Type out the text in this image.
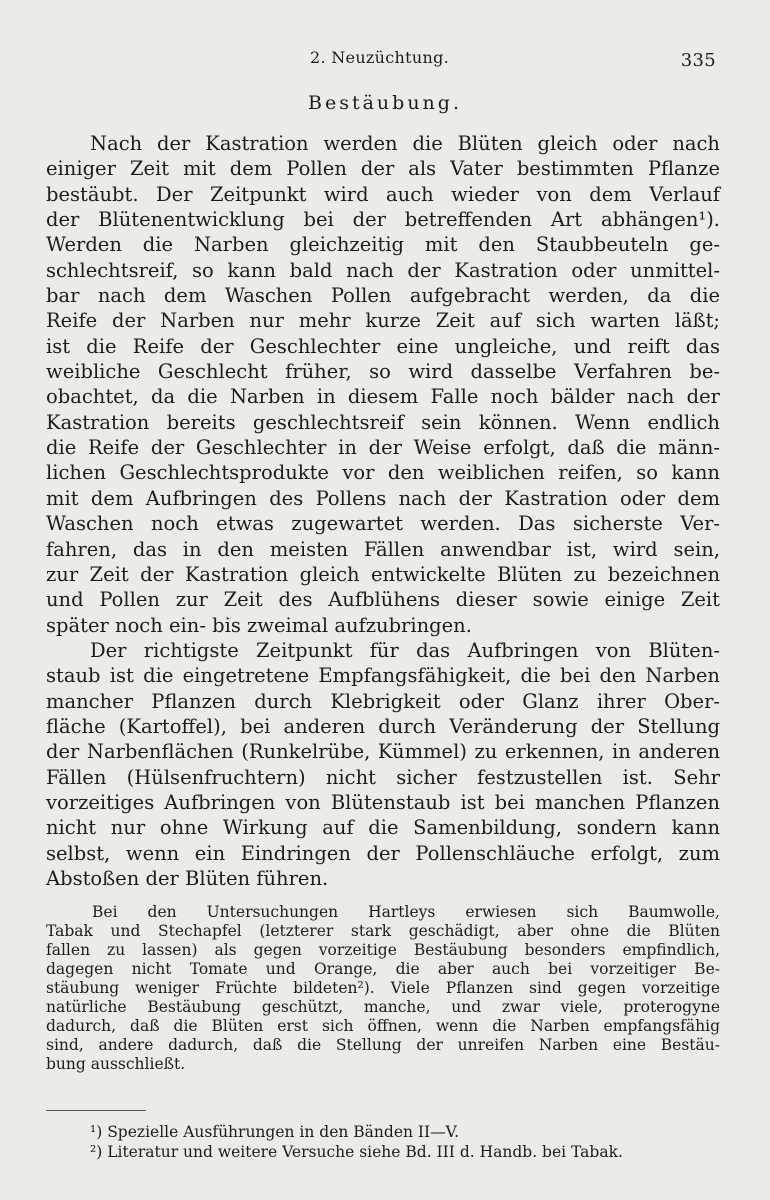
2. Neuzüchtung.	335
Bestäubung.
Nach der Kastration werden die Blüten gleich oder nach
einiger Zeit mit dem Pollen der als Vater bestimmten Pflanze
bestäubt. Der Zeitpunkt wird auch wieder von dem Verlauf
der Blütenentwicklung bei der betreffenden Art abhängen¹).
Werden die Narben gleichzeitig mit den Staubbeuteln ge-
schlechtsreif, so kann bald nach der Kastration oder unmittel-
bar nach dem Waschen Pollen aufgebracht werden, da die
Reife der Narben nur mehr kurze Zeit auf sich warten läßt;
ist die Reife der Geschlechter eine ungleiche, und reift das
weibliche Geschlecht früher, so wird dasselbe Verfahren be-
obachtet, da die Narben in diesem Falle noch bälder nach der
Kastration bereits geschlechtsreif sein können. Wenn endlich
die Reife der Geschlechter in der Weise erfolgt, daß die männ-
lichen Geschlechtsprodukte vor den weiblichen reifen, so kann
mit dem Aufbringen des Pollens nach der Kastration oder dem
Waschen noch etwas zugewartet werden. Das sicherste Ver-
fahren, das in den meisten Fällen anwendbar ist, wird sein,
zur Zeit der Kastration gleich entwickelte Blüten zu bezeichnen
und Pollen zur Zeit des Aufblühens dieser sowie einige Zeit
später noch ein- bis zweimal aufzubringen.
Der richtigste Zeitpunkt für das Aufbringen von Blüten-
staub ist die eingetretene Empfangsfähigkeit, die bei den Narben
mancher Pflanzen durch Klebrigkeit oder Glanz ihrer Ober-
fläche (Kartoffel), bei anderen durch Veränderung der Stellung
der Narbenflächen (Runkelrübe, Kümmel) zu erkennen, in anderen
Fällen (Hülsenfruchtern) nicht sicher festzustellen ist. Sehr
vorzeitiges Aufbringen von Blütenstaub ist bei manchen Pflanzen
nicht nur ohne Wirkung auf die Samenbildung, sondern kann
selbst, wenn ein Eindringen der Pollenschläuche erfolgt, zum
Abstoßen der Blüten führen.
Bei den Untersuchungen Hartleys erwiesen sich Baumwolle,
Tabak und Stechapfel (letzterer stark geschädigt, aber ohne die Blüten
fallen zu lassen) als gegen vorzeitige Bestäubung besonders empfindlich,
dagegen nicht Tomate und Orange, die aber auch bei vorzeitiger Be-
stäubung weniger Früchte bildeten²). Viele Pflanzen sind gegen vorzeitige
natürliche Bestäubung geschützt, manche, und zwar viele, proterogyne
dadurch, daß die Blüten erst sich öffnen, wenn die Narben empfangsfähig
sind, andere dadurch, daß die Stellung der unreifen Narben eine Bestäu-
bung ausschließt.
¹) Spezielle Ausführungen in den Bänden II—V.
²) Literatur und weitere Versuche siehe Bd. III d. Handb. bei Tabak.
